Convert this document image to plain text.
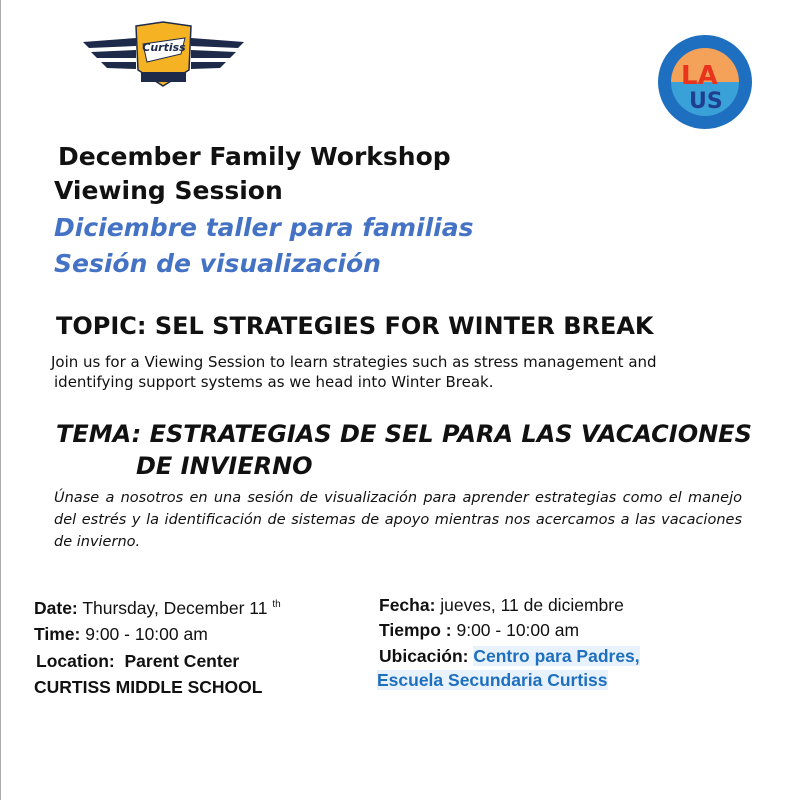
Curtiss
LA
US
December Family Workshop
Viewing Session
Diciembre taller para familias
Sesión de visualización
TOPIC: SEL STRATEGIES FOR WINTER BREAK
Join us for a Viewing Session to learn strategies such as stress management and
identifying support systems as we head into Winter Break.
TEMA: ESTRATEGIAS DE SEL PARA LAS VACACIONES
DE INVIERNO
Únase a nosotros en una sesión de visualización para aprender estrategias como el manejo del estrés y la identificación de sistemas de apoyo mientras nos acercamos a las vacaciones de invierno.
Date: Thursday, December 11 $^{th}$
Time: 9:00 - 10:00 am
Location: Parent Center
CURTISS MIDDLE SCHOOL
Fecha: jueves, 11 de diciembre
Tiempo : 9:00 - 10:00 am
Ubicación: Centro para Padres,
Escuela Secundaria Curtiss
